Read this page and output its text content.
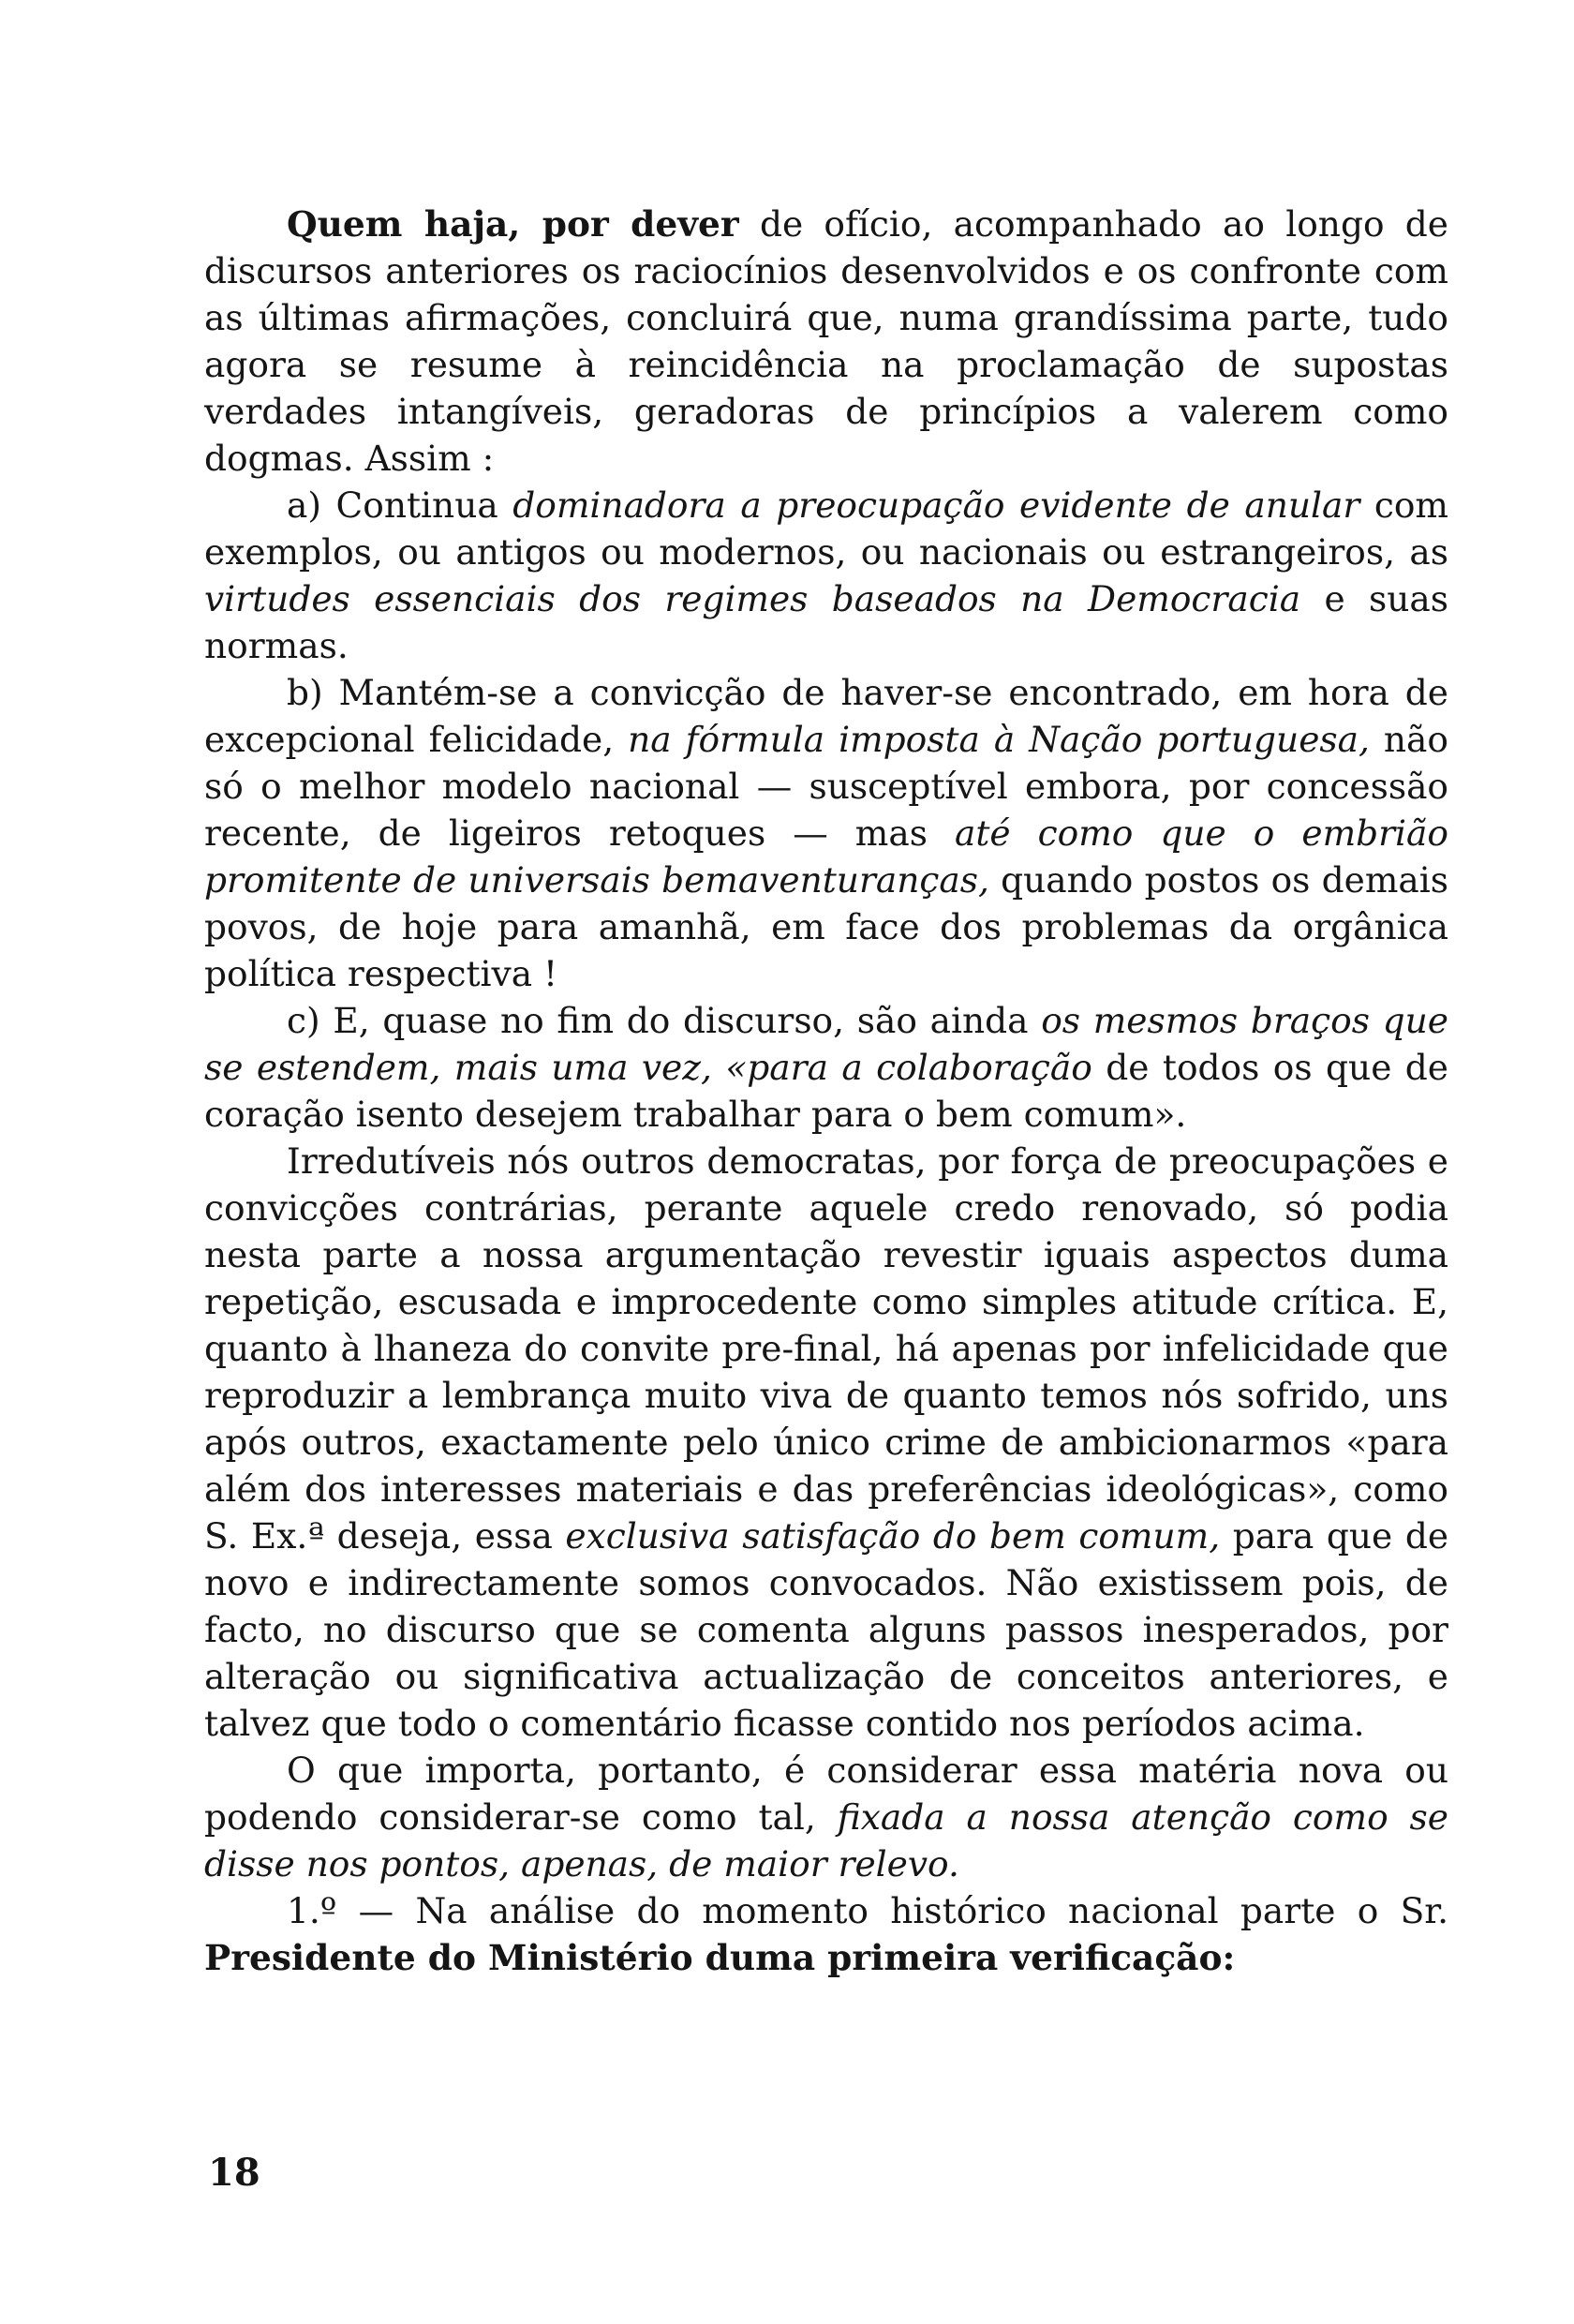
Quem haja, por dever de ofício, acompanhado ao longo de discursos anteriores os raciocínios desenvolvidos e os confronte com as últimas afirmações, concluirá que, numa grandíssima parte, tudo agora se resume à reincidência na proclamação de supostas verdades intangíveis, geradoras de princípios a valerem como dogmas. Assim :

a) Continua dominadora a preocupação evidente de anular com exemplos, ou antigos ou modernos, ou nacionais ou estrangeiros, as virtudes essenciais dos regimes baseados na Democracia e suas normas.

b) Mantém-se a convicção de haver-se encontrado, em hora de excepcional felicidade, na fórmula imposta à Nação portuguesa, não só o melhor modelo nacional — susceptível embora, por concessão recente, de ligeiros retoques — mas até como que o embrião promitente de universais bemaventuranças, quando postos os demais povos, de hoje para amanhã, em face dos problemas da orgânica política respectiva !

c) E, quase no fim do discurso, são ainda os mesmos braços que se estendem, mais uma vez, «para a colaboração de todos os que de coração isento desejem trabalhar para o bem comum».

Irredutíveis nós outros democratas, por força de preocupações e convicções contrárias, perante aquele credo renovado, só podia nesta parte a nossa argumentação revestir iguais aspectos duma repetição, escusada e improcedente como simples atitude crítica. E, quanto à lhaneza do convite pre-final, há apenas por infelicidade que reproduzir a lembrança muito viva de quanto temos nós sofrido, uns após outros, exactamente pelo único crime de ambicionarmos «para além dos interesses materiais e das preferências ideológicas», como S. Ex.ª deseja, essa exclusiva satisfação do bem comum, para que de novo e indirectamente somos convocados. Não existissem pois, de facto, no discurso que se comenta alguns passos inesperados, por alteração ou significativa actualização de conceitos anteriores, e talvez que todo o comentário ficasse contido nos períodos acima.

O que importa, portanto, é considerar essa matéria nova ou podendo considerar-se como tal, fixada a nossa atenção como se disse nos pontos, apenas, de maior relevo.

1.º — Na análise do momento histórico nacional parte o Sr. Presidente do Ministério duma primeira verificação:

18
